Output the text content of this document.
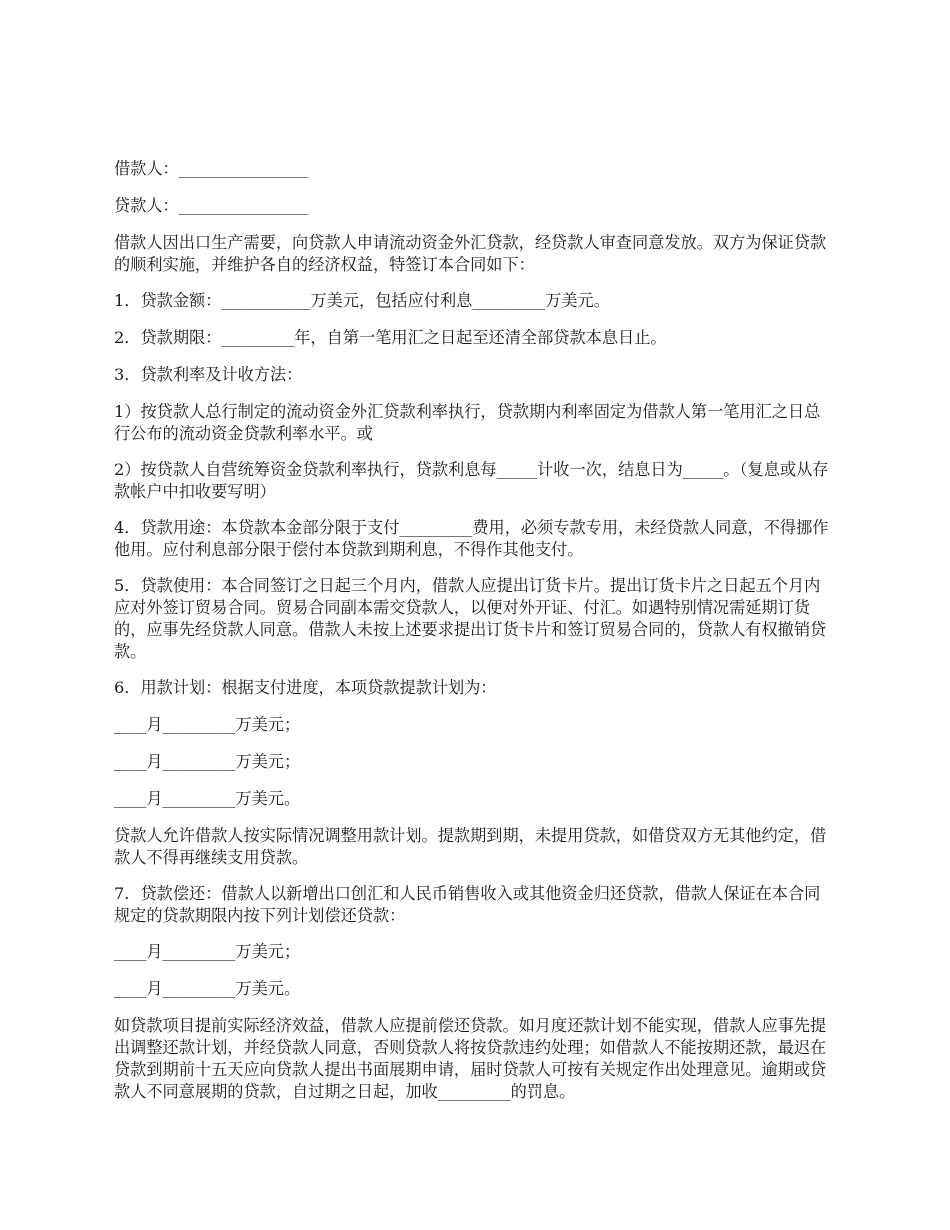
借款人：________________

贷款人：________________

借款人因出口生产需要，向贷款人申请流动资金外汇贷款，经贷款人审查同意发放。双方为保证贷款的顺利实施，并维护各自的经济权益，特签订本合同如下：

1．贷款金额：___________万美元，包括应付利息_________万美元。

2．贷款期限：_________年，自第一笔用汇之日起至还清全部贷款本息日止。

3．贷款利率及计收方法：

1）按贷款人总行制定的流动资金外汇贷款利率执行，贷款期内利率固定为借款人第一笔用汇之日总行公布的流动资金贷款利率水平。或

2）按贷款人自营统筹资金贷款利率执行，贷款利息每_____计收一次，结息日为_____。（复息或从存款帐户中扣收要写明）

4．贷款用途：本贷款本金部分限于支付_________费用，必须专款专用，未经贷款人同意，不得挪作他用。应付利息部分限于偿付本贷款到期利息，不得作其他支付。

5．贷款使用：本合同签订之日起三个月内，借款人应提出订货卡片。提出订货卡片之日起五个月内应对外签订贸易合同。贸易合同副本需交贷款人，以便对外开证、付汇。如遇特别情况需延期订货的，应事先经贷款人同意。借款人未按上述要求提出订货卡片和签订贸易合同的，贷款人有权撤销贷款。

6．用款计划：根据支付进度，本项贷款提款计划为：

____月_________万美元；

____月_________万美元；

____月_________万美元。

贷款人允许借款人按实际情况调整用款计划。提款期到期，未提用贷款，如借贷双方无其他约定，借款人不得再继续支用贷款。

7．贷款偿还：借款人以新增出口创汇和人民币销售收入或其他资金归还贷款，借款人保证在本合同规定的贷款期限内按下列计划偿还贷款：

____月_________万美元；

____月_________万美元。

如贷款项目提前实际经济效益，借款人应提前偿还贷款。如月度还款计划不能实现，借款人应事先提出调整还款计划，并经贷款人同意，否则贷款人将按贷款违约处理；如借款人不能按期还款，最迟在贷款到期前十五天应向贷款人提出书面展期申请，届时贷款人可按有关规定作出处理意见。逾期或贷款人不同意展期的贷款，自过期之日起，加收_________的罚息。
